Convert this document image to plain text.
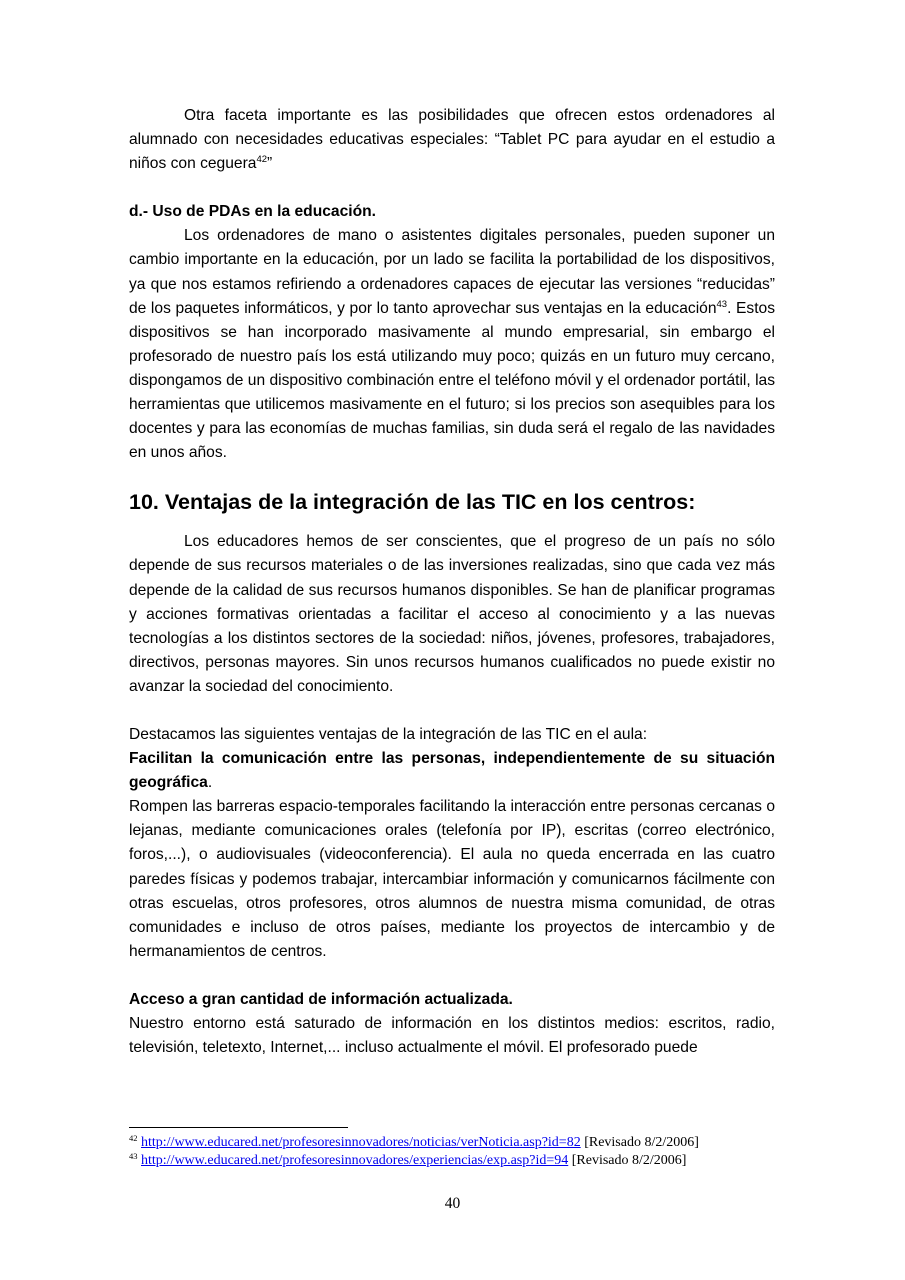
Otra faceta importante es las posibilidades que ofrecen estos ordenadores al alumnado con necesidades educativas especiales: “Tablet PC para ayudar en el estudio a niños con ceguera$^{42}$”

d.- Uso de PDAs en la educación.

Los ordenadores de mano o asistentes digitales personales, pueden suponer un cambio importante en la educación, por un lado se facilita la portabilidad de los dispositivos, ya que nos estamos refiriendo a ordenadores capaces de ejecutar las versiones “reducidas” de los paquetes informáticos, y por lo tanto aprovechar sus ventajas en la educación$^{43}$. Estos dispositivos se han incorporado masivamente al mundo empresarial, sin embargo el profesorado de nuestro país los está utilizando muy poco; quizás en un futuro muy cercano, dispongamos de un dispositivo combinación entre el teléfono móvil y el ordenador portátil, las herramientas que utilicemos masivamente en el futuro; si los precios son asequibles para los docentes y para las economías de muchas familias, sin duda será el regalo de las navidades en unos años.

10. Ventajas de la integración de las TIC en los centros:

Los educadores hemos de ser conscientes, que el progreso de un país no sólo depende de sus recursos materiales o de las inversiones realizadas, sino que cada vez más depende de la calidad de sus recursos humanos disponibles. Se han de planificar programas y acciones formativas orientadas a facilitar el acceso al conocimiento y a las nuevas tecnologías a los distintos sectores de la sociedad: niños, jóvenes, profesores, trabajadores, directivos, personas mayores. Sin unos recursos humanos cualificados no puede existir no avanzar la sociedad del conocimiento.

Destacamos las siguientes ventajas de la integración de las TIC en el aula:

Facilitan la comunicación entre las personas, independientemente de su situación geográfica.

Rompen las barreras espacio-temporales facilitando la interacción entre personas cercanas o lejanas, mediante comunicaciones orales (telefonía por IP), escritas (correo electrónico, foros,...), o audiovisuales (videoconferencia). El aula no queda encerrada en las cuatro paredes físicas y podemos trabajar, intercambiar información y comunicarnos fácilmente con otras escuelas, otros profesores, otros alumnos de nuestra misma comunidad, de otras comunidades e incluso de otros países, mediante los proyectos de intercambio y de hermanamientos de centros.

Acceso a gran cantidad de información actualizada.

Nuestro entorno está saturado de información en los distintos medios: escritos, radio, televisión, teletexto, Internet,... incluso actualmente el móvil. El profesorado puede

$^{42}$ http://www.educared.net/profesoresinnovadores/noticias/verNoticia.asp?id=82 [Revisado 8/2/2006]
$^{43}$ http://www.educared.net/profesoresinnovadores/experiencias/exp.asp?id=94 [Revisado 8/2/2006]
40
